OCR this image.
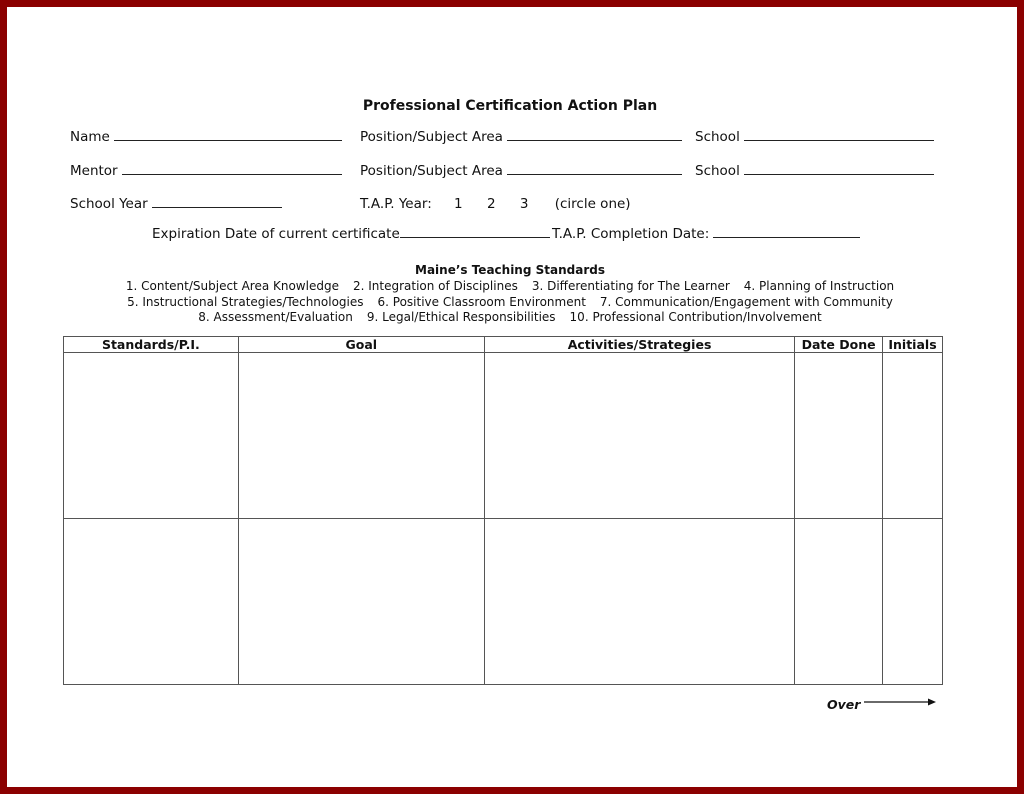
Professional Certification Action Plan
Name	Position/Subject Area	School
Mentor	Position/Subject Area	School
School Year	T.A.P. Year: 1 2 3 (circle one)
Expiration Date of current certificate	T.A.P. Completion Date:
Maine’s Teaching Standards
1. Content/Subject Area Knowledge 2. Integration of Disciplines 3. Differentiating for The Learner 4. Planning of Instruction
5. Instructional Strategies/Technologies 6. Positive Classroom Environment 7. Communication/Engagement with Community
8. Assessment/Evaluation 9. Legal/Ethical Responsibilities 10. Professional Contribution/Involvement
Standards/P.I.	Goal	Activities/Strategies	Date Done	Initials

Over
